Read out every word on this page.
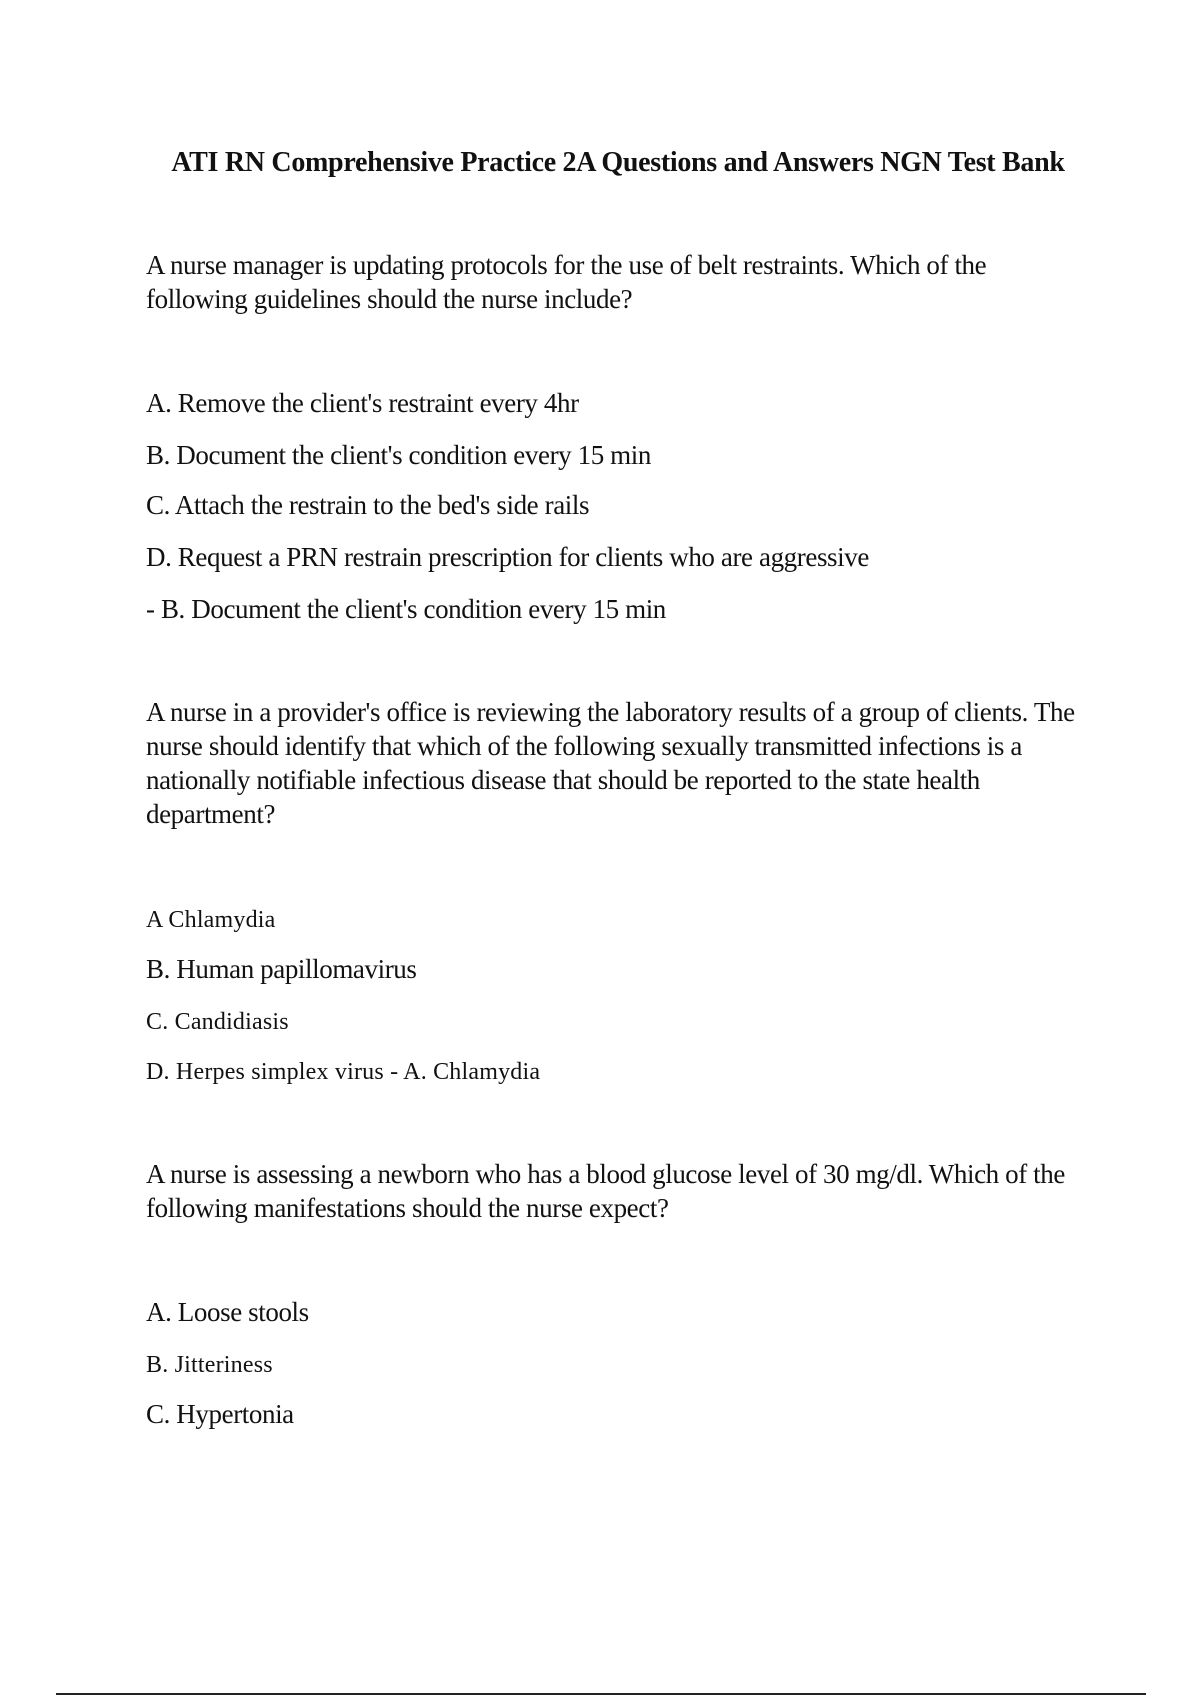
ATI RN Comprehensive Practice 2A Questions and Answers NGN Test Bank

A nurse manager is updating protocols for the use of belt restraints. Which of the following guidelines should the nurse include?

A. Remove the client's restraint every 4hr

B. Document the client's condition every 15 min

C. Attach the restrain to the bed's side rails

D. Request a PRN restrain prescription for clients who are aggressive

- B. Document the client's condition every 15 min

A nurse in a provider's office is reviewing the laboratory results of a group of clients. The nurse should identify that which of the following sexually transmitted infections is a nationally notifiable infectious disease that should be reported to the state health department?

A Chlamydia

B. Human papillomavirus

C. Candidiasis

D. Herpes simplex virus - A. Chlamydia

A nurse is assessing a newborn who has a blood glucose level of 30 mg/dl. Which of the following manifestations should the nurse expect?

A. Loose stools

B. Jitteriness

C. Hypertonia
